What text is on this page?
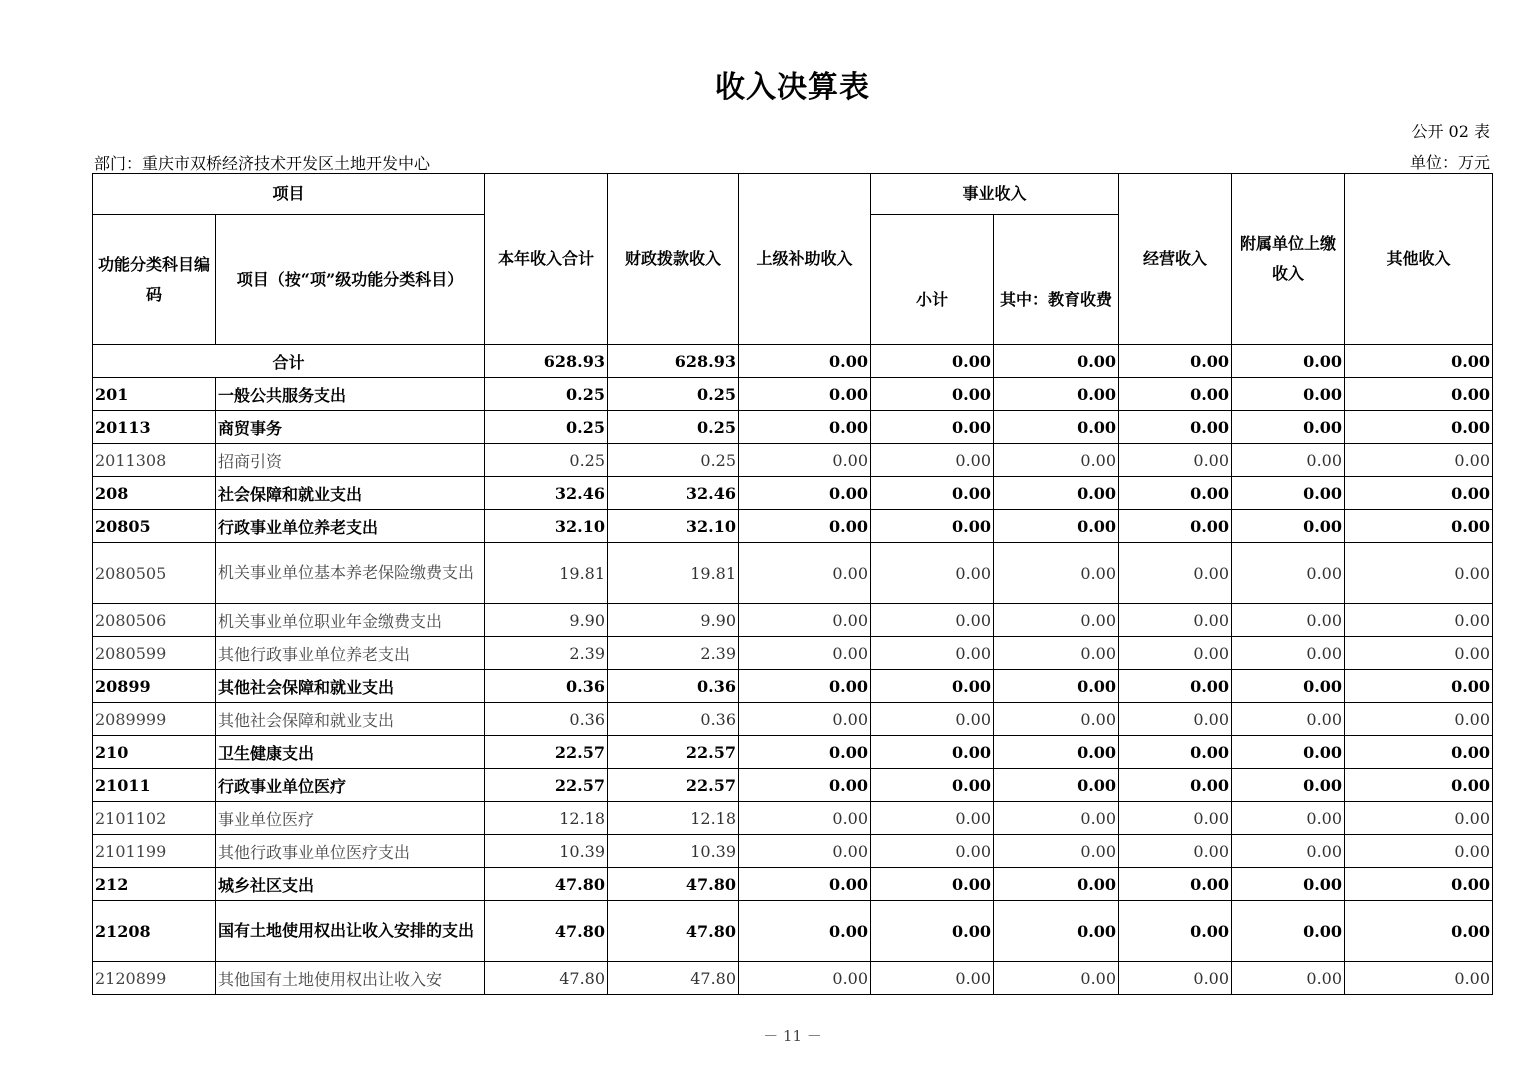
收入决算表
公开 02 表
部门：重庆市双桥经济技术开发区土地开发中心	单位：万元
项目		本年收入合计	财政拨款收入	上级补助收入	事业收入		经营收入	附属单位上缴收入	其他收入
功能分类科目编码	项目（按“项”级功能分类科目）				小计	其中：教育收费			
合计		628.93	628.93	0.00	0.00	0.00	0.00	0.00	0.00
201	一般公共服务支出	0.25	0.25	0.00	0.00	0.00	0.00	0.00	0.00
20113	商贸事务	0.25	0.25	0.00	0.00	0.00	0.00	0.00	0.00
2011308	招商引资	0.25	0.25	0.00	0.00	0.00	0.00	0.00	0.00
208	社会保障和就业支出	32.46	32.46	0.00	0.00	0.00	0.00	0.00	0.00
20805	行政事业单位养老支出	32.10	32.10	0.00	0.00	0.00	0.00	0.00	0.00
2080505	机关事业单位基本养老保险缴费支出	19.81	19.81	0.00	0.00	0.00	0.00	0.00	0.00
2080506	机关事业单位职业年金缴费支出	9.90	9.90	0.00	0.00	0.00	0.00	0.00	0.00
2080599	其他行政事业单位养老支出	2.39	2.39	0.00	0.00	0.00	0.00	0.00	0.00
20899	其他社会保障和就业支出	0.36	0.36	0.00	0.00	0.00	0.00	0.00	0.00
2089999	其他社会保障和就业支出	0.36	0.36	0.00	0.00	0.00	0.00	0.00	0.00
210	卫生健康支出	22.57	22.57	0.00	0.00	0.00	0.00	0.00	0.00
21011	行政事业单位医疗	22.57	22.57	0.00	0.00	0.00	0.00	0.00	0.00
2101102	事业单位医疗	12.18	12.18	0.00	0.00	0.00	0.00	0.00	0.00
2101199	其他行政事业单位医疗支出	10.39	10.39	0.00	0.00	0.00	0.00	0.00	0.00
212	城乡社区支出	47.80	47.80	0.00	0.00	0.00	0.00	0.00	0.00
21208	国有土地使用权出让收入安排的支出	47.80	47.80	0.00	0.00	0.00	0.00	0.00	0.00
2120899	其他国有土地使用权出让收入安	47.80	47.80	0.00	0.00	0.00	0.00	0.00	0.00
－ 11 －
